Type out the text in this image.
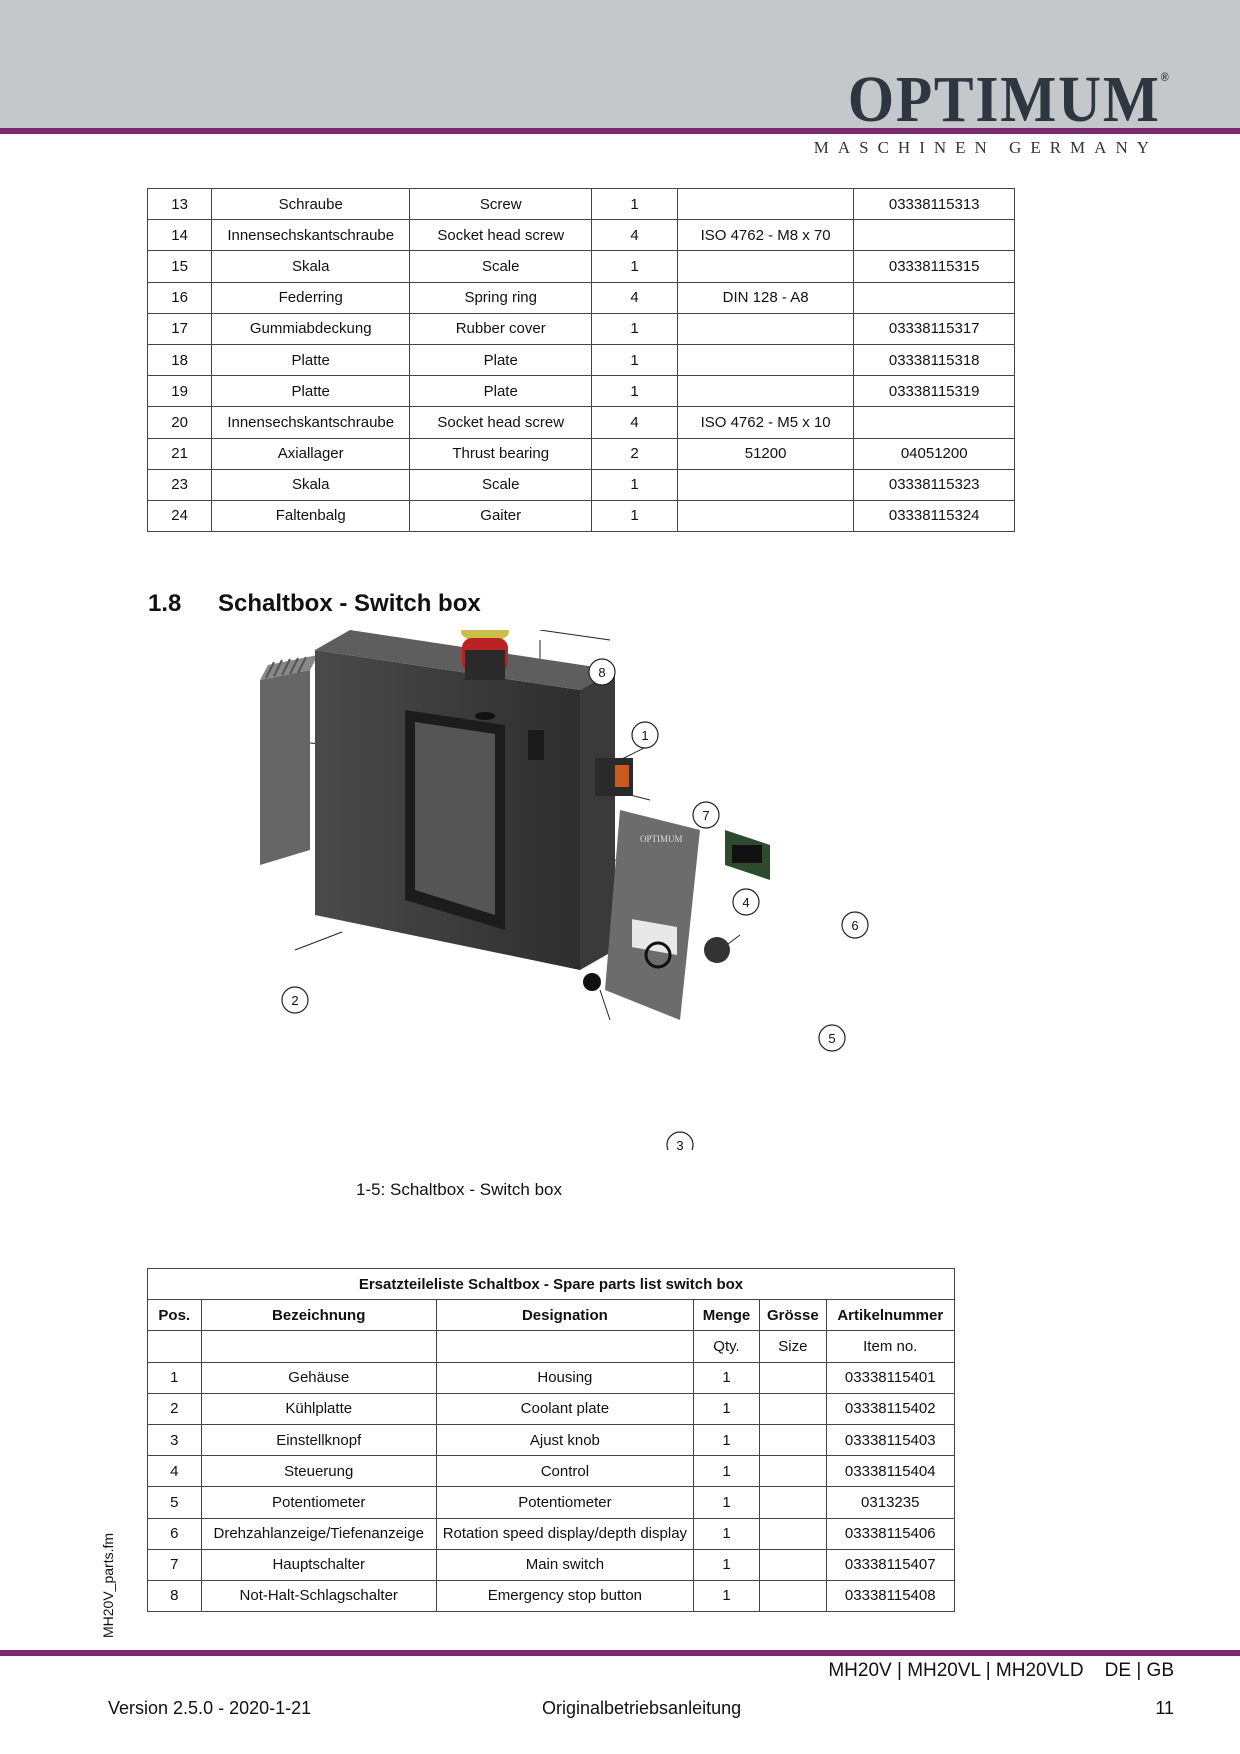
OPTIMUM®
MASCHINEN GERMANY
13	Schraube	Screw	1		03338115313
14	Innensechskantschraube	Socket head screw	4	ISO 4762 - M8 x 70	
15	Skala	Scale	1		03338115315
16	Federring	Spring ring	4	DIN 128 - A8	
17	Gummiabdeckung	Rubber cover	1		03338115317
18	Platte	Plate	1		03338115318
19	Platte	Plate	1		03338115319
20	Innensechskantschraube	Socket head screw	4	ISO 4762 - M5 x 10	
21	Axiallager	Thrust bearing	2	51200	04051200
23	Skala	Scale	1		03338115323
24	Faltenbalg	Gaiter	1		03338115324
1.8 Schaltbox - Switch box
OPTIMUM
8
1
7
4
6
5
2
3
1-5: Schaltbox - Switch box
Ersatzteileliste Schaltbox - Spare parts list switch box					
Pos.	Bezeichnung	Designation	Menge	Grösse	Artikelnummer
			Qty.	Size	Item no.
1	Gehäuse	Housing	1		03338115401
2	Kühlplatte	Coolant plate	1		03338115402
3	Einstellknopf	Ajust knob	1		03338115403
4	Steuerung	Control	1		03338115404
5	Potentiometer	Potentiometer	1		0313235
6	Drehzahlanzeige/Tiefenanzeige	Rotation speed display/depth display	1		03338115406
7	Hauptschalter	Main switch	1		03338115407
8	Not-Halt-Schlagschalter	Emergency stop button	1		03338115408
MH20V_parts.fm
MH20V | MH20VL | MH20VLD    DE | GB
Version 2.5.0 - 2020-1-21	Originalbetriebsanleitung	11
